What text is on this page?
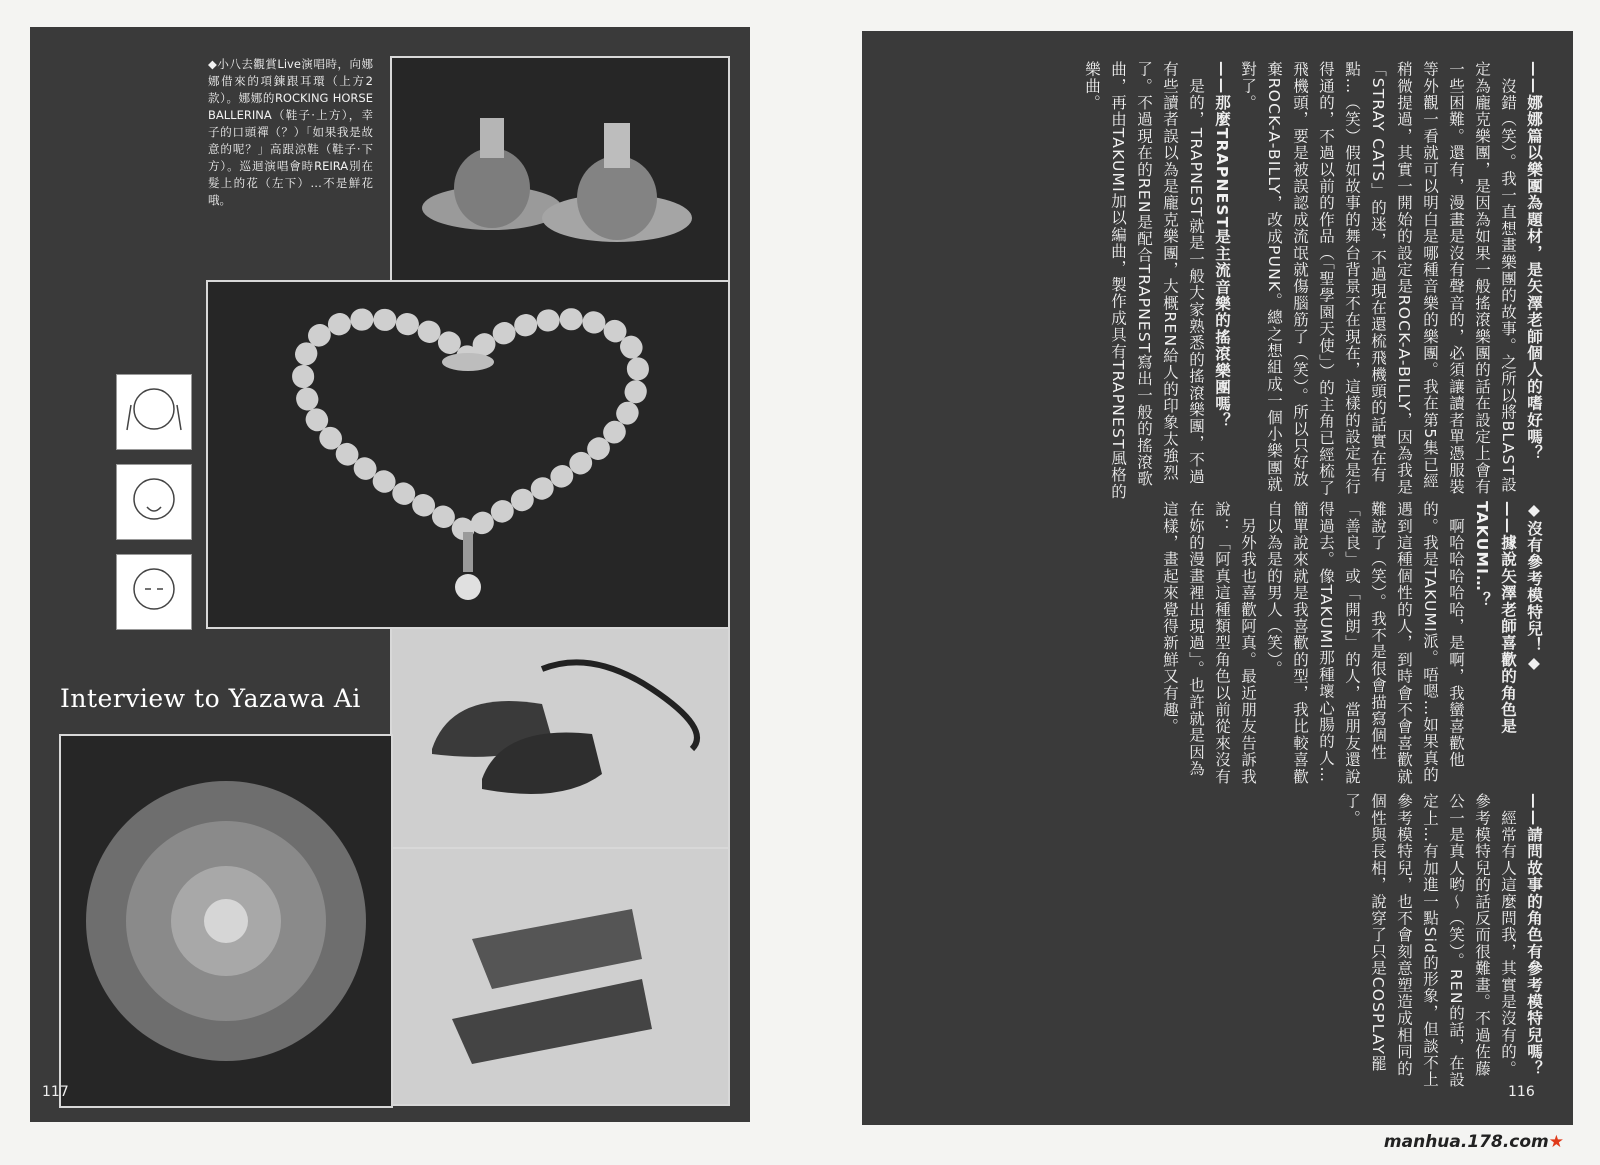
◆小八去觀賞Live演唱時，向娜娜借來的項鍊跟耳環（上方2款）。娜娜的ROCKING HORSE BALLERINA（鞋子·上方），幸子的口頭禪（？）「如果我是故意的呢？」高跟涼鞋（鞋子·下方）。巡迴演唱會時REIRA別在髮上的花（左下）…不是鮮花哦。

Interview to Yazawa Ai
117

——娜娜篇以樂團為題材，是矢澤老師個人的嗜好嗎？

　沒錯（笑）。我一直想畫樂團的故事。之所以將BLAST設定為龐克樂團，是因為如果一般搖滾樂團的話在設定上會有一些困難。還有，漫畫是沒有聲音的，必須讓讀者單憑服裝等外觀一看就可以明白是哪種音樂的樂團。我在第5集已經稍微提過，其實一開始的設定是ROCK-A-BILLY，因為我是「STRAY CATS」的迷，不過現在還梳飛機頭的話實在有點…（笑）假如故事的舞台背景不在現在，這樣的設定是行得通的，不過以前的作品（「聖學園天使」）的主角已經梳了飛機頭，要是被誤認成流氓就傷腦筋了（笑）。所以只好放棄ROCK-A-BILLY，改成PUNK。總之想組成一個小樂團就對了。

——那麼TRAPNEST是主流音樂的搖滾樂團嗎？

　是的，TRAPNEST就是一般大家熟悉的搖滾樂團，不過有些讀者誤以為是龐克樂團，大概REN給人的印象太強烈了。不過現在的REN是配合TRAPNEST寫出一般的搖滾歌曲，再由TAKUMI加以編曲，製作成具有TRAPNEST風格的樂曲。

◆沒有參考模特兒！◆

——據說矢澤老師喜歡的角色是TAKUMI…？

　啊哈哈哈哈哈，是啊，我蠻喜歡他的。我是TAKUMI派。唔嗯…如果真的遇到這種個性的人，到時會不會喜歡就難說了（笑）。我不是很會描寫個性「善良」或「開朗」的人，當朋友還說得過去。像TAKUMI那種壞心腸的人…簡單說來就是我喜歡的型，我比較喜歡自以為是的男人（笑）。

　另外我也喜歡阿真。最近朋友告訴我說：「阿真這種類型角色以前從來沒有在妳的漫畫裡出現過」。也許就是因為這樣，畫起來覺得新鮮又有趣。

——請問故事的角色有參考模特兒嗎？

　經常有人這麼問我，其實是沒有的。參考模特兒的話反而很難畫。不過佐藤公一是真人哟～（笑）。REN的話，在設定上…有加進一點Sid的形象，但談不上參考模特兒，也不會刻意塑造成相同的個性與長相，說穿了只是COSPLAY罷了。

116
manhua.178.com★
